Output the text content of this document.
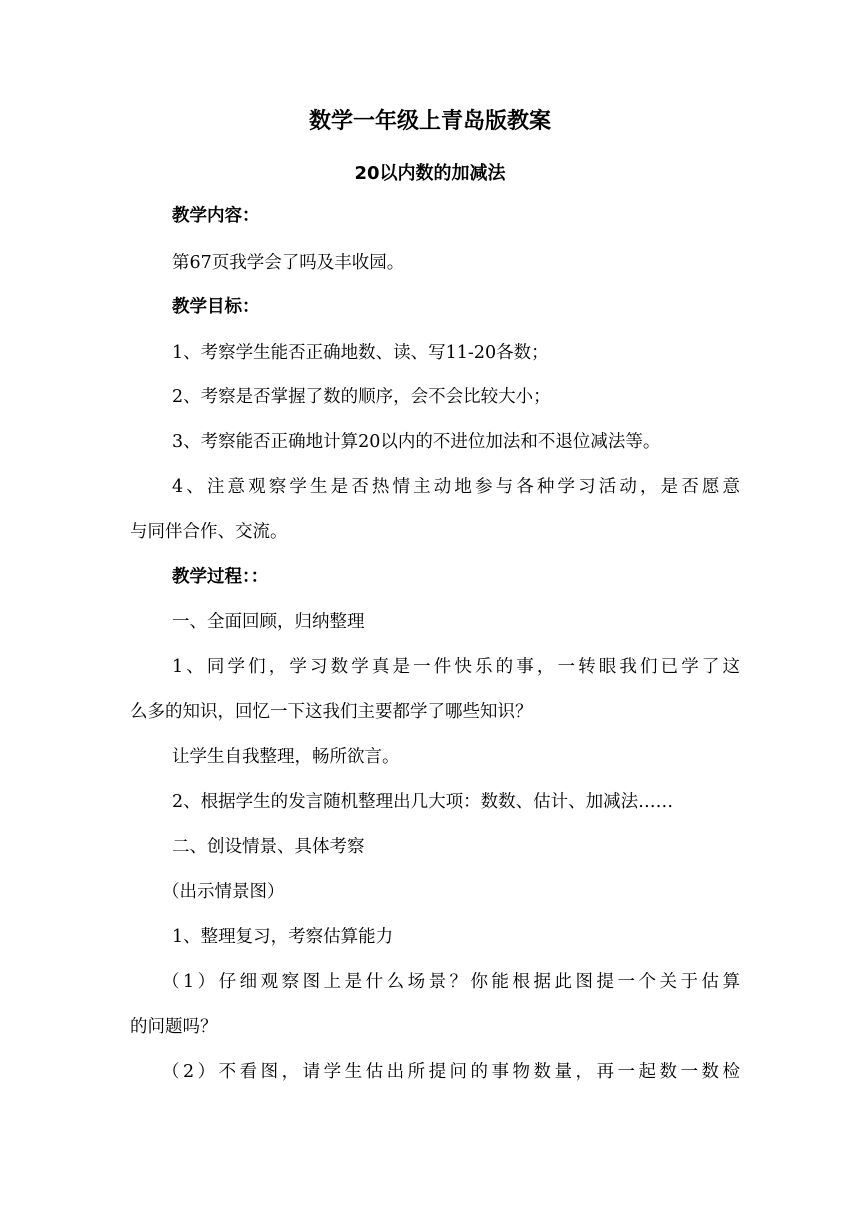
数学一年级上青岛版教案
20以内数的加减法

教学内容：

第67页我学会了吗及丰收园。

教学目标：

1、考察学生能否正确地数、读、写11-20各数；

2、考察是否掌握了数的顺序，会不会比较大小；

3、考察能否正确地计算20以内的不进位加法和不退位减法等。

4、注意观察学生是否热情主动地参与各种学习活动，是否愿意

与同伴合作、交流。

教学过程：：

一、全面回顾，归纳整理

1、同学们，学习数学真是一件快乐的事，一转眼我们已学了这

么多的知识，回忆一下这我们主要都学了哪些知识？

让学生自我整理，畅所欲言。

2、根据学生的发言随机整理出几大项：数数、估计、加减法……

二、创设情景、具体考察

（出示情景图）

1、整理复习，考察估算能力

（1）仔细观察图上是什么场景？你能根据此图提一个关于估算

的问题吗？

（2）不看图，请学生估出所提问的事物数量，再一起数一数检
